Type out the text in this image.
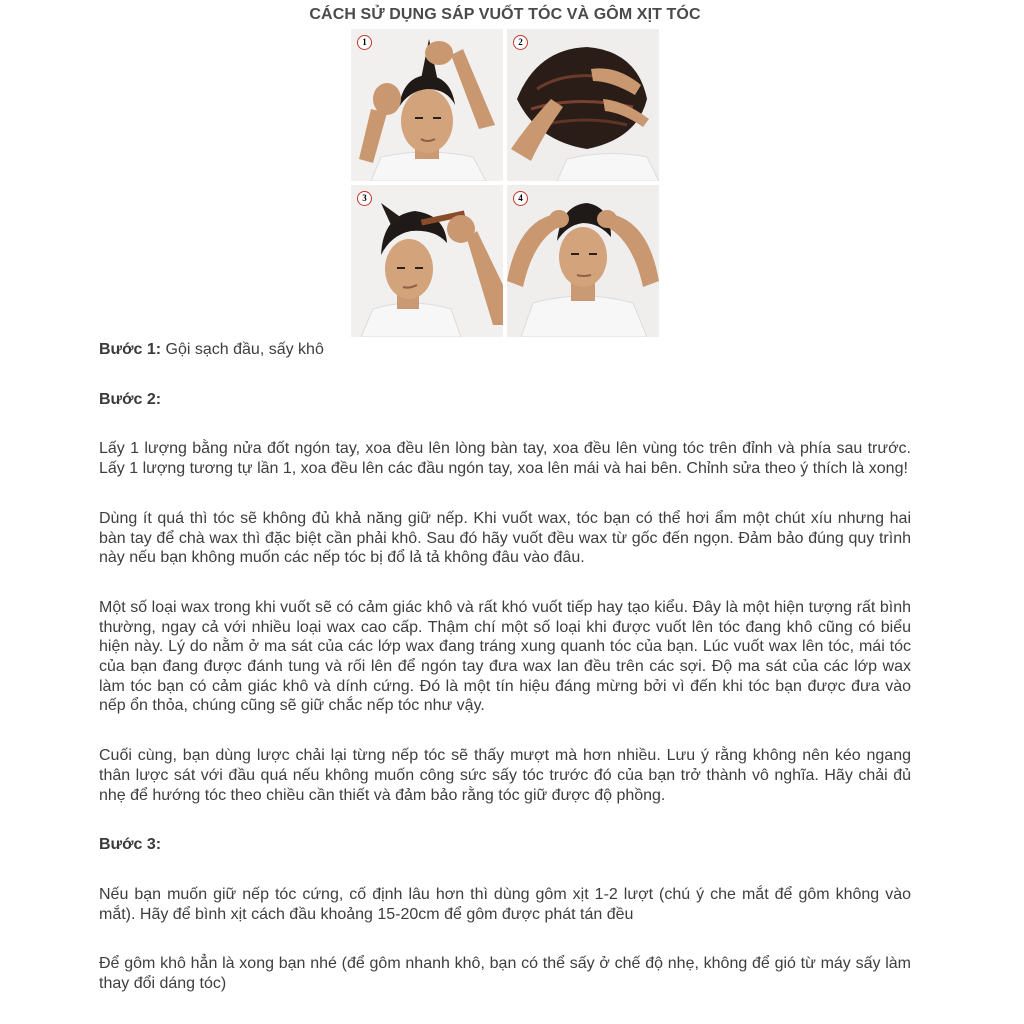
CÁCH SỬ DỤNG SÁP VUỐT TÓC VÀ GÔM XỊT TÓC
1	2
3	4

Bước 1: Gội sạch đầu, sấy khô

Bước 2:

Lấy 1 lượng bằng nửa đốt ngón tay, xoa đều lên lòng bàn tay, xoa đều lên vùng tóc trên đỉnh và phía sau trước. Lấy 1 lượng tương tự lần 1, xoa đều lên các đầu ngón tay, xoa lên mái và hai bên. Chỉnh sửa theo ý thích là xong!

Dùng ít quá thì tóc sẽ không đủ khả năng giữ nếp. Khi vuốt wax, tóc bạn có thể hơi ẩm một chút xíu nhưng hai bàn tay để chà wax thì đặc biệt cần phải khô. Sau đó hãy vuốt đều wax từ gốc đến ngọn. Đảm bảo đúng quy trình này nếu bạn không muốn các nếp tóc bị đổ lả tả không đâu vào đâu.

Một số loại wax trong khi vuốt sẽ có cảm giác khô và rất khó vuốt tiếp hay tạo kiểu. Đây là một hiện tượng rất bình thường, ngay cả với nhiều loại wax cao cấp. Thậm chí một số loại khi được vuốt lên tóc đang khô cũng có biểu hiện này. Lý do nằm ở ma sát của các lớp wax đang tráng xung quanh tóc của bạn. Lúc vuốt wax lên tóc, mái tóc của bạn đang được đánh tung và rối lên để ngón tay đưa wax lan đều trên các sợi. Độ ma sát của các lớp wax làm tóc bạn có cảm giác khô và dính cứng. Đó là một tín hiệu đáng mừng bởi vì đến khi tóc bạn được đưa vào nếp ổn thỏa, chúng cũng sẽ giữ chắc nếp tóc như vậy.

Cuối cùng, bạn dùng lược chải lại từng nếp tóc sẽ thấy mượt mà hơn nhiều. Lưu ý rằng không nên kéo ngang thân lược sát với đầu quá nếu không muốn công sức sấy tóc trước đó của bạn trở thành vô nghĩa. Hãy chải đủ nhẹ để hướng tóc theo chiều cần thiết và đảm bảo rằng tóc giữ được độ phồng.

Bước 3:

Nếu bạn muốn giữ nếp tóc cứng, cố định lâu hơn thì dùng gôm xịt 1-2 lượt (chú ý che mắt để gôm không vào mắt). Hãy để bình xịt cách đầu khoảng 15-20cm để gôm được phát tán đều

Để gôm khô hẳn là xong bạn nhé (để gôm nhanh khô, bạn có thể sấy ở chế độ nhẹ, không để gió từ máy sấy làm thay đổi dáng tóc)
